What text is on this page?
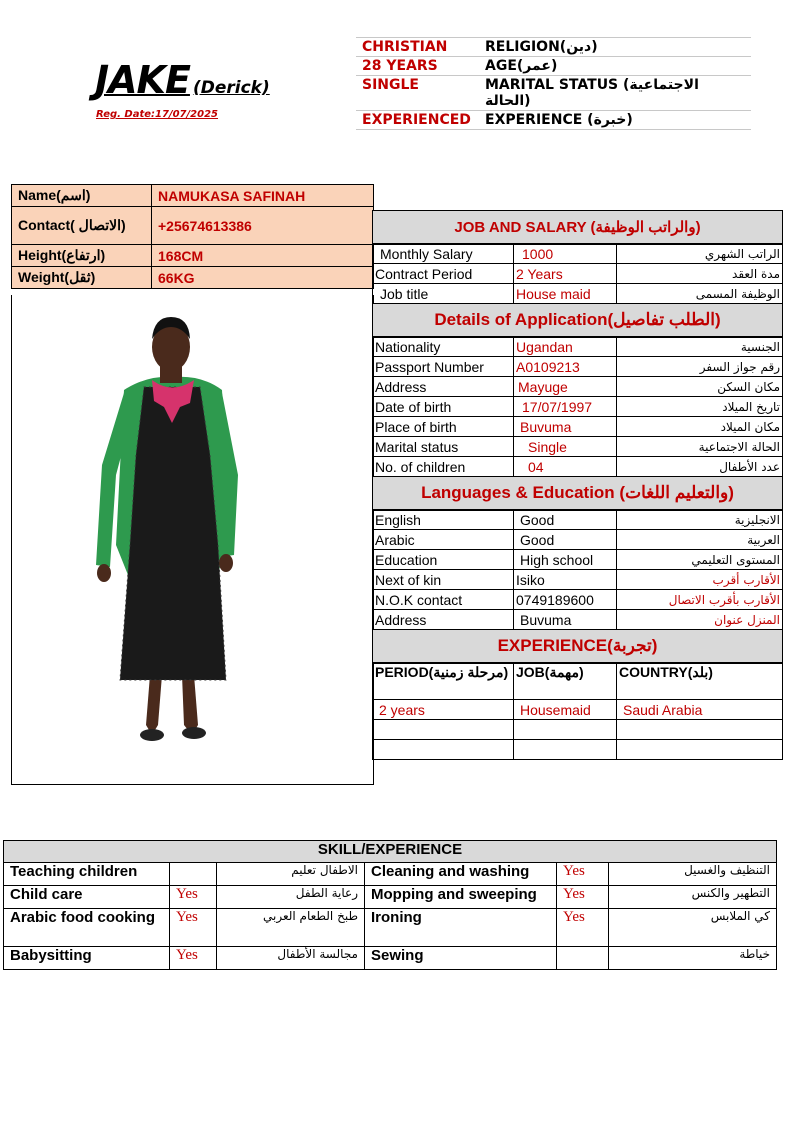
JAKE (Derick)
Reg. Date:17/07/2025
CHRISTIAN	RELIGION(دين)
28 YEARS	AGE(عمر)
SINGLE	MARITAL STATUS (الاجتماعية الحالة)
EXPERIENCED	EXPERIENCE (خبرة)
Name(اسم)	NAMUKASA SAFINAH
Contact( الاتصال)	+25674613386
Height(ارتفاع)	168CM
Weight(ثقل)	66KG
JOB AND SALARY (والراتب الوظيفة)		
Monthly Salary	1000	الراتب الشهري
Contract Period	2 Years	مدة العقد
Job title	House maid	الوظيفة المسمى
Details of Application(الطلب تفاصيل)		
Nationality	Ugandan	الجنسية
Passport Number	A0109213	رقم جواز السفر
Address	Mayuge	مكان السكن
Date of birth	17/07/1997	تاريخ الميلاد
Place of birth	Buvuma	مكان الميلاد
Marital status	Single	الحالة الاجتماعية
No. of children	04	عدد الأطفال
Languages & Education (والتعليم اللغات)		
English	Good	الانجليزية
Arabic	Good	العربية
Education	High school	المستوى التعليمي
Next of kin	Isiko	الأقارب أقرب
N.O.K contact	0749189600	الأقارب بأقرب الاتصال
Address	Buvuma	المنزل عنوان
EXPERIENCE(تجربة)		
PERIOD(مرحلة زمنية)	JOB(مهمة)	COUNTRY(بلد)
2 years	Housemaid	Saudi Arabia

SKILL/EXPERIENCE					
Teaching children		الاطفال تعليم	Cleaning and washing	Yes	التنظيف والغسيل
Child care	Yes	رعاية الطفل	Mopping and sweeping	Yes	التطهير والكنس
Arabic food cooking	Yes	طبخ الطعام العربي	Ironing	Yes	كي الملابس
Babysitting	Yes	مجالسة الأطفال	Sewing		خياطة
